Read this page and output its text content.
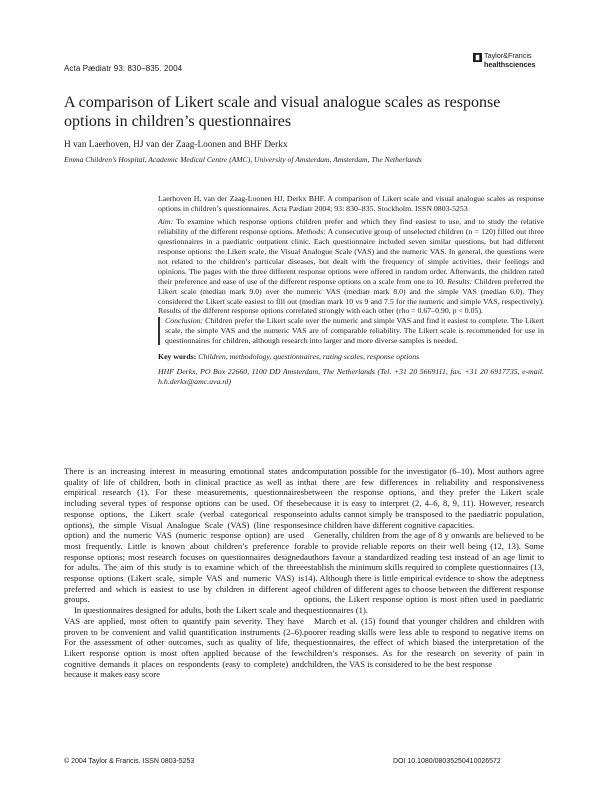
Acta Pædiatr 93: 830–835. 2004
Taylor&Francis
healthsciences
A comparison of Likert scale and visual analogue scales as response options in children’s questionnaires
H van Laerhoven, HJ van der Zaag-Loonen and BHF Derkx
Emma Children’s Hospital, Academic Medical Centre (AMC), University of Amsterdam, Amsterdam, The Netherlands

Laerhoven H, van der Zaag-Loonen HJ, Derkx BHF. A comparison of Likert scale and visual analogue scales as response options in children’s questionnaires. Acta Pædiatr 2004; 93: 830–835. Stockholm. ISSN 0803-5253

Aim: To examine which response options children prefer and which they find easiest to use, and to study the relative reliability of the different response options. Methods: A consecutive group of unselected children (n = 120) filled out three questionnaires in a paediatric outpatient clinic. Each questionnaire included seven similar questions, but had different response options: the Likert scale, the Visual Analogue Scale (VAS) and the numeric VAS. In general, the questions were not related to the children’s particular diseases, but dealt with the frequency of simple activities, their feelings and opinions. The pages with the three different response options were offered in random order. Afterwards, the children rated their preference and ease of use of the different response options on a scale from one to 10. Results: Children preferred the Likert scale (median mark 9.0) over the numeric VAS (median mark 8.0) and the simple VAS (median 6.0). They considered the Likert scale easiest to fill out (median mark 10 vs 9 and 7.5 for the numeric and simple VAS, respectively). Results of the different response options correlated strongly with each other (rho = 0.67–0.90, p < 0.05).

Conclusion: Children prefer the Likert scale over the numeric and simple VAS and find it easiest to complete. The Likert scale, the simple VAS and the numeric VAS are of comparable reliability. The Likert scale is recommended for use in questionnaires for children, although research into larger and more diverse samples is needed.

Key words: Children, methodology, questionnaires, rating scales, response options

HHF Derkx, PO Box 22660, 1100 DD Amsterdam, The Netherlands (Tel. +31 20 5669111, fax. +31 20 6917735, e-mail. h.h.derkx@amc.uva.nl)

There is an increasing interest in measuring emotional states and quality of life of children, both in clinical practice as well as in empirical research (1). For these measurements, questionnaires including several types of response options can be used. Of these response options, the Likert scale (verbal categorical response options), the simple Visual Analogue Scale (VAS) (line response option) and the numeric VAS (numeric response option) are used most frequently. Little is known about children’s preference for response options; most research focuses on questionnaires designed for adults. The aim of this study is to examine which of the three response options (Likert scale, simple VAS and numeric VAS) is preferred and which is easiest to use by children in different age groups.

In questionnaires designed for adults, both the Likert scale and the VAS are applied, most often to quantify pain severity. They have proven to be convenient and valid quantification instruments (2–6). For the assessment of other outcomes, such as quality of life, the Likert response option is most often applied because of the few cognitive demands it places on respondents (easy to complete) and because it makes easy score

computation possible for the investigator (6–10). Most authors agree that there are few differences in reliability and responsiveness between the response options, and they prefer the Likert scale because it is easy to interpret (2, 4–6, 8, 9, 11). However, research into adults cannot simply be transposed to the paediatric population, since children have different cognitive capacities.

Generally, children from the age of 8 y onwards are believed to be able to provide reliable reports on their well being (12, 13). Some authors favour a standardized reading test instead of an age limit to establish the minimum skills required to complete questionnaires (13, 14). Although there is little empirical evidence to show the adeptness of children of different ages to choose between the different response options, the Likert response option is most often used in paediatric questionnaires (1).

March et al. (15) found that younger children and children with poorer reading skills were less able to respond to negative items on questionnaires, the effect of which biased the interpretation of the children’s responses. As for the research on severity of pain in children, the VAS is considered to be the best response

© 2004 Taylor & Francis. ISSN 0803-5253	DOI 10.1080/08035250410026572
